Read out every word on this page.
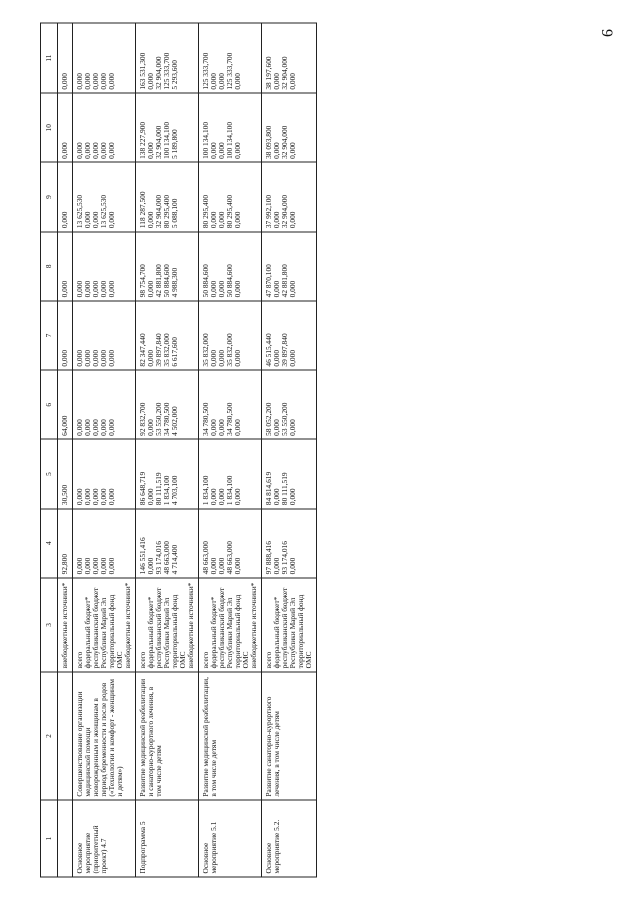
9
1	2	3	4	5	6	7	8	9	10	11

		внебюджетные источники*	92,800	30,500	64,000	0,000	0,000	0,000	0,000	0,000

Основное мероприятие (приоритетный проект) 4.7	Совершенствование организации медицинской помощи новорожденным и женщинам в период беременности и после родов («Технологии и комфорт - женщинам и детям»)	всего
федеральный бюджет*
республиканский бюджет Республики Марий Эл
территориальный фонд ОМС
внебюджетные источники*	0,000
0,000
0,000
0,000
0,000	0,000
0,000
0,000
0,000
0,000	0,000
0,000
0,000
0,000
0,000	0,000
0,000
0,000
0,000
0,000	0,000
0,000
0,000
0,000
0,000	13 625,530
0,000
0,000
13 625,530
0,000	0,000
0,000
0,000
0,000
0,000	0,000
0,000
0,000
0,000
0,000

Подпрограмма 5	Развитие медицинской реабилитации и санаторно-курортного лечения, в том числе детям	всего
федеральный бюджет*
республиканский бюджет Республики Марий Эл
территориальный фонд ОМС
внебюджетные источники*	146 551,416
0,000
93 174,016
48 663,000
4 714,400	86 648,719
0,000
80 111,519
1 834,100
4 703,100	92 832,700
0,000
53 550,200
34 780,500
4 502,000	82 347,440
0,000
39 897,840
35 832,000
6 617,600	98 754,700
0,000
42 881,800
50 884,600
4 988,300	118 287,500
0,000
32 904,000
80 295,400
5 088,100	138 227,900
0,000
32 904,000
100 134,100
5 189,800	163 531,300
0,000
32 904,000
125 333,700
5 293,600

Основное мероприятие 5.1	Развитие медицинской реабилитации, в том числе детям	всего
федеральный бюджет*
республиканский бюджет Республики Марий Эл
территориальный фонд ОМС
внебюджетные источники*	48 663,000
0,000
0,000
48 663,000
0,000	1 834,100
0,000
0,000
1 834,100
0,000	34 780,500
0,000
0,000
34 780,500
0,000	35 832,000
0,000
0,000
35 832,000
0,000	50 884,600
0,000
0,000
50 884,600
0,000	80 295,400
0,000
0,000
80 295,400
0,000	100 134,100
0,000
0,000
100 134,100
0,000	125 333,700
0,000
0,000
125 333,700
0,000

Основное мероприятие 5.2.	Развитие санаторно-курортного лечения, в том числе детям	всего
федеральный бюджет*
республиканский бюджет Республики Марий Эл
территориальный фонд ОМС	97 888,416
0,000
93 174,016
0,000	84 814,619
0,000
80 111,519
0,000	58 052,200
0,000
53 550,200
0,000	46 515,440
0,000
39 897,840
0,000	47 870,100
0,000
42 881,800
0,000	37 992,100
0,000
32 904,000
0,000	38 093,800
0,000
32 904,000
0,000	38 197,600
0,000
32 904,000
0,000
